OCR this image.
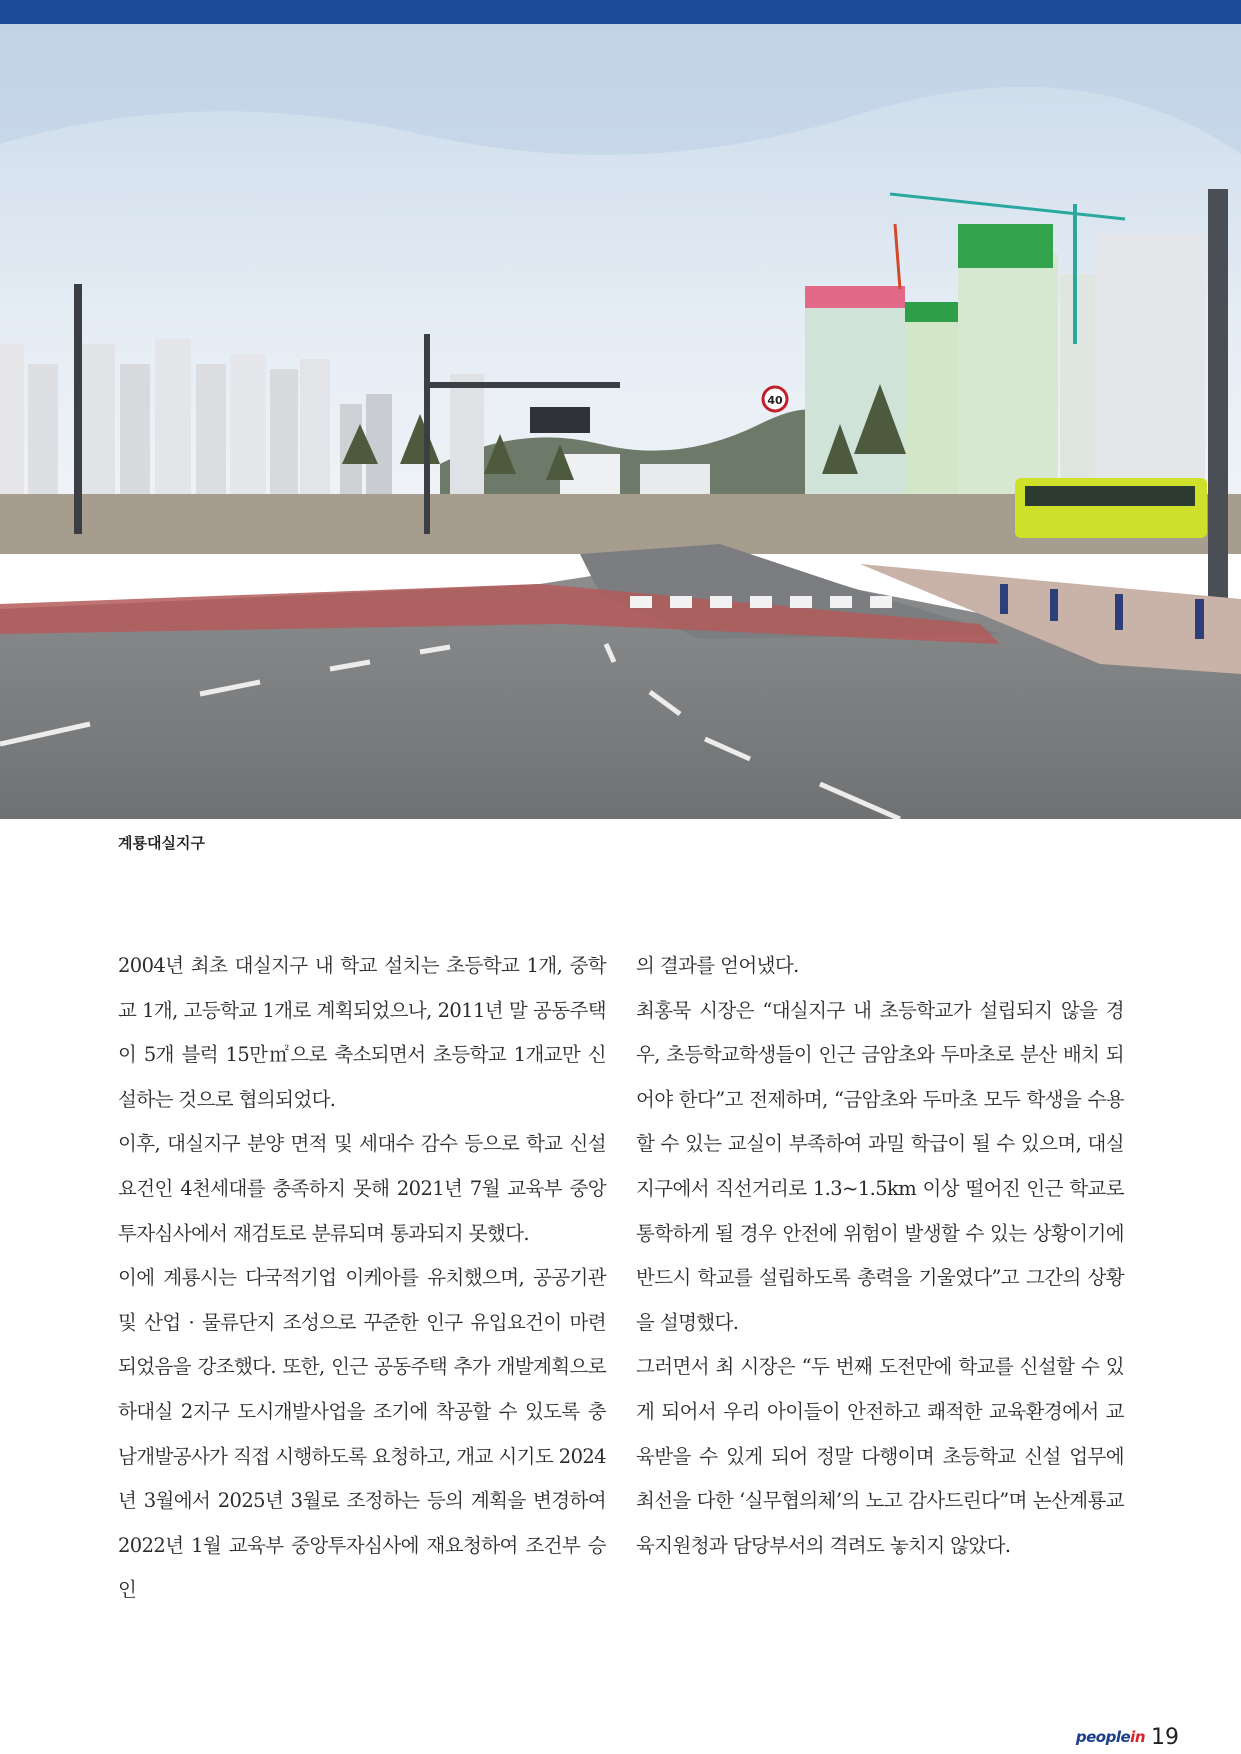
40
계룡대실지구

2004년 최초 대실지구 내 학교 설치는 초등학교 1개, 중학교 1개, 고등학교 1개로 계획되었으나, 2011년 말 공동주택이 5개 블럭 15만㎡으로 축소되면서 초등학교 1개교만 신설하는 것으로 협의되었다.

이후, 대실지구 분양 면적 및 세대수 감수 등으로 학교 신설 요건인 4천세대를 충족하지 못해 2021년 7월 교육부 중앙투자심사에서 재검토로 분류되며 통과되지 못했다.

이에 계룡시는 다국적기업 이케아를 유치했으며, 공공기관 및 산업 · 물류단지 조성으로 꾸준한 인구 유입요건이 마련되었음을 강조했다. 또한, 인근 공동주택 추가 개발계획으로 하대실 2지구 도시개발사업을 조기에 착공할 수 있도록 충남개발공사가 직접 시행하도록 요청하고, 개교 시기도 2024년 3월에서 2025년 3월로 조정하는 등의 계획을 변경하여 2022년 1월 교육부 중앙투자심사에 재요청하여 조건부 승인

의 결과를 얻어냈다.

최홍묵 시장은 “대실지구 내 초등학교가 설립되지 않을 경우, 초등학교학생들이 인근 금암초와 두마초로 분산 배치 되어야 한다”고 전제하며, “금암초와 두마초 모두 학생을 수용할 수 있는 교실이 부족하여 과밀 학급이 될 수 있으며, 대실지구에서 직선거리로 1.3~1.5km 이상 떨어진 인근 학교로 통학하게 될 경우 안전에 위험이 발생할 수 있는 상황이기에 반드시 학교를 설립하도록 총력을 기울였다”고 그간의 상황을 설명했다.

그러면서 최 시장은 “두 번째 도전만에 학교를 신설할 수 있게 되어서 우리 아이들이 안전하고 쾌적한 교육환경에서 교육받을 수 있게 되어 정말 다행이며 초등학교 신설 업무에 최선을 다한 ‘실무협의체’의 노고 감사드린다”며 논산계룡교육지원청과 담당부서의 격려도 놓치지 않았다.

peoplein 19
